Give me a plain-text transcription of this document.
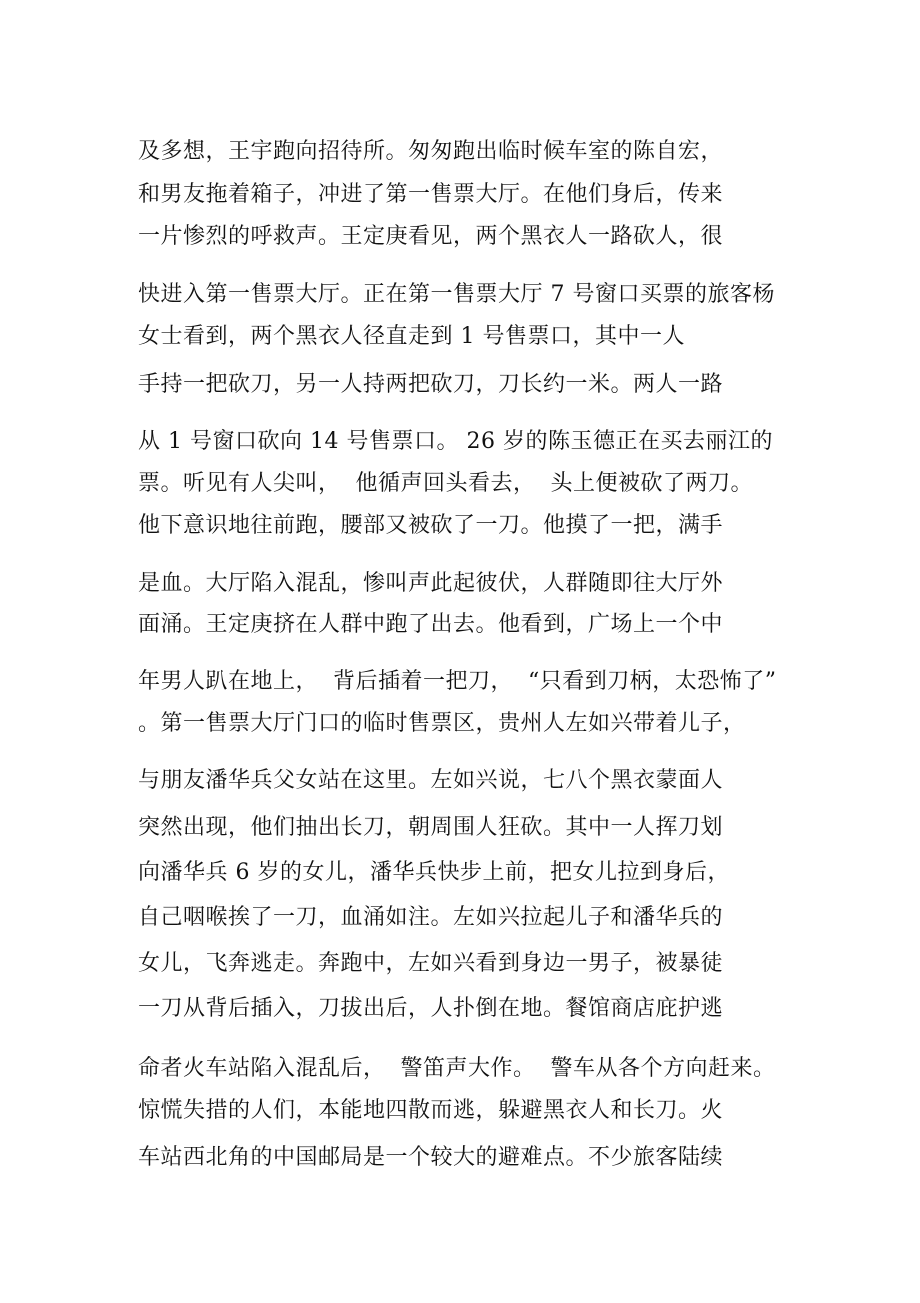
及多想，王宇跑向招待所。匆匆跑出临时候车室的陈自宏，
和男友拖着箱子，冲进了第一售票大厅。在他们身后，传来
一片惨烈的呼救声。王定庚看见，两个黑衣人一路砍人，很
快进入第一售票大厅。正在第一售票大厅 7 号窗口买票的旅客杨
女士看到，两个黑衣人径直走到 1 号售票口，其中一人
手持一把砍刀，另一人持两把砍刀，刀长约一米。两人一路
从 1 号窗口砍向 14 号售票口。 26 岁的陈玉德正在买去丽江的
票。听见有人尖叫，  他循声回头看去，  头上便被砍了两刀。
他下意识地往前跑，腰部又被砍了一刀。他摸了一把，满手
是血。大厅陷入混乱，惨叫声此起彼伏，人群随即往大厅外
面涌。王定庚挤在人群中跑了出去。他看到，广场上一个中
年男人趴在地上，  背后插着一把刀，  “只看到刀柄，太恐怖了”
。第一售票大厅门口的临时售票区，贵州人左如兴带着儿子，
与朋友潘华兵父女站在这里。左如兴说，七八个黑衣蒙面人
突然出现，他们抽出长刀，朝周围人狂砍。其中一人挥刀划
向潘华兵 6 岁的女儿，潘华兵快步上前，把女儿拉到身后，
自己咽喉挨了一刀，血涌如注。左如兴拉起儿子和潘华兵的
女儿，飞奔逃走。奔跑中，左如兴看到身边一男子，被暴徒
一刀从背后插入，刀拔出后，人扑倒在地。餐馆商店庇护逃
命者火车站陷入混乱后，  警笛声大作。  警车从各个方向赶来。
惊慌失措的人们，本能地四散而逃，躲避黑衣人和长刀。火
车站西北角的中国邮局是一个较大的避难点。不少旅客陆续
